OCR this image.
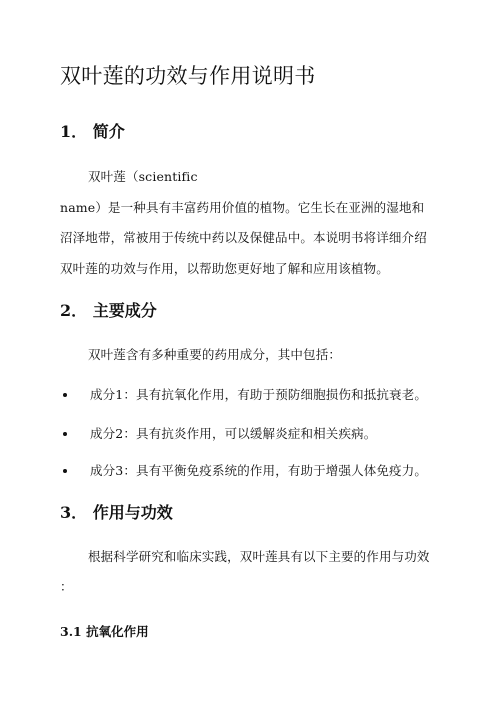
双叶莲的功效与作用说明书
1． 简介
双叶莲（scientific
name）是一种具有丰富药用价值的植物。它生长在亚洲的湿地和
沼泽地带，常被用于传统中药以及保健品中。本说明书将详细介绍
双叶莲的功效与作用，以帮助您更好地了解和应用该植物。
2． 主要成分
双叶莲含有多种重要的药用成分，其中包括：
成分1：具有抗氧化作用，有助于预防细胞损伤和抵抗衰老。
成分2：具有抗炎作用，可以缓解炎症和相关疾病。
成分3：具有平衡免疫系统的作用，有助于增强人体免疫力。
3． 作用与功效
根据科学研究和临床实践，双叶莲具有以下主要的作用与功效
：
3.1 抗氧化作用
